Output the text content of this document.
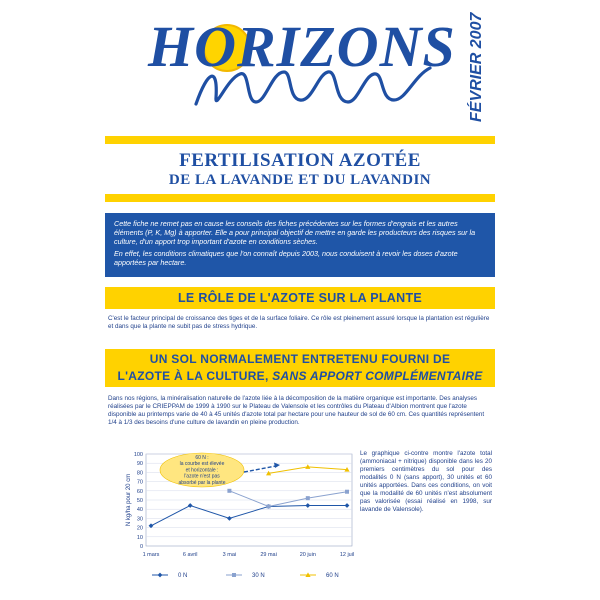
HORIZONS FÉVRIER 2007
FERTILISATION AZOTÉE
DE LA LAVANDE ET DU LAVANDIN

Cette fiche ne remet pas en cause les conseils des fiches précédentes sur les formes d'engrais et les autres éléments (P, K, Mg) à apporter. Elle a pour principal objectif de mettre en garde les producteurs des risques sur la culture, d'un apport trop important d'azote en conditions sèches.

En effet, les conditions climatiques que l'on connaît depuis 2003, nous conduisent à revoir les doses d'azote apportées par hectare.

LE RÔLE DE L'AZOTE SUR LA PLANTE
C'est le facteur principal de croissance des tiges et de la surface foliaire. Ce rôle est pleinement assuré lorsque la plantation est régulière et dans que la plante ne subit pas de stress hydrique.
UN SOL NORMALEMENT ENTRETENU FOURNI DE
L'AZOTE À LA CULTURE, SANS APPORT COMPLÉMENTAIRE
Dans nos régions, la minéralisation naturelle de l'azote liée à la décomposition de la matière organique est importante. Des analyses réalisées par le CRIEPPAM de 1999 à 1990 sur le Plateau de Valensole et les contrôles du Plateau d'Albion montrent que l'azote disponible au printemps varie de 40 à 45 unités d'azote total par hectare pour une hauteur de sol de 60 cm. Ces quantités représentent 1/4 à 1/3 des besoins d'une culture de lavandin en pleine production.
Le graphique ci-contre montre l'azote total (ammoniacal + nitrique) disponible dans les 20 premiers centimètres du sol pour des modalités 0 N (sans apport), 30 unités et 60 unités apportées. Dans ces conditions, on voit que la modalité de 60 unités n'est absolument pas valorisée (essai réalisé en 1998, sur lavande de Valensole).
0
10
20
30
40
50
60
70
80
90
100
N kg/ha pour 20 cm
1 mars	6 avril	3 mai	29 mai	20 juin	12 juil
60 N :
la courbe est élevée
et horizontale :
l'azote n'est pas
absorbé par la plante
0 N	30 N	60 N
